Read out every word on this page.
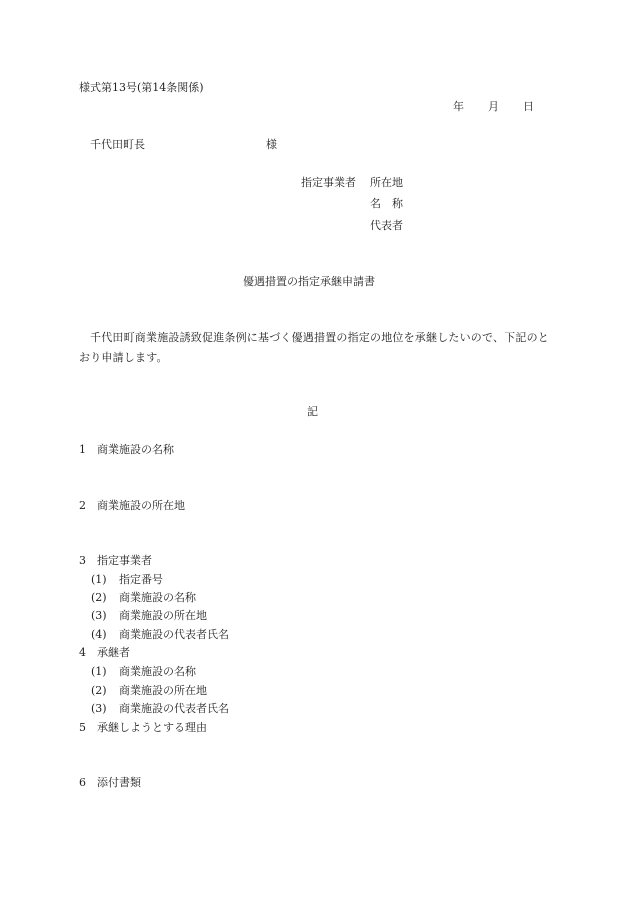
様式第13号(第14条関係)
年 月 日
千代田町長	様
指定事業者 所在地
名　称
代表者
優遇措置の指定承継申請書
千代田町商業施設誘致促進条例に基づく優遇措置の指定の地位を承継したいので、下記のとおり申請します。
記
1 商業施設の名称
2 商業施設の所在地
3 指定事業者
(1) 指定番号
(2) 商業施設の名称
(3) 商業施設の所在地
(4) 商業施設の代表者氏名
4 承継者
(1) 商業施設の名称
(2) 商業施設の所在地
(3) 商業施設の代表者氏名
5 承継しようとする理由
6 添付書類
